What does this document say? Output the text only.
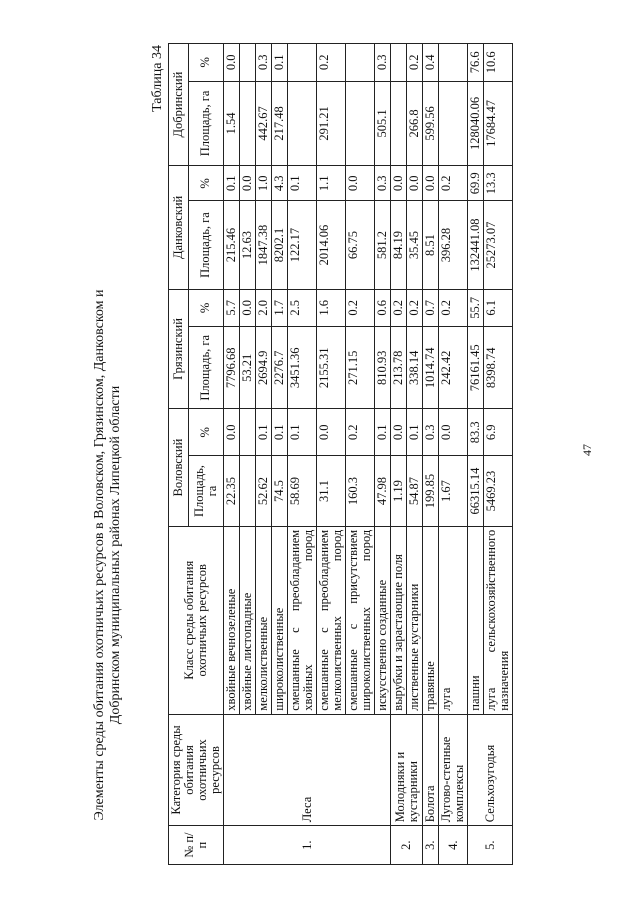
Элементы среды обитания охотничьих ресурсов в Воловском, Грязинском, Данковском и Добринском муниципальных районах Липецкой области
Таблица 34
№ п/п	Категория среды обитания охотничьих ресурсов	Класс среды обитания охотничьих ресурсов	Воловский		Грязинский		Данковский		Добринский	
			Площадь, га	%	Площадь, га	%	Площадь, га	%	Площадь, га	%
1.	Леса	хвойные вечнозеленые	22.35	0.0	7796.68	5.7	215.46	0.1	1.54	0.0
		хвойные листопадные			53.21	0.0	12.63	0.0		
		мелколиственные	52.62	0.1	2694.9	2.0	1847.38	1.0	442.67	0.3
		широколиственные	74.5	0.1	2276.7	1.7	8202.1	4.3	217.48	0.1
		смешанные с преобладанием хвойных пород	58.69	0.1	3451.36	2.5	122.17	0.1		
		смешанные с преобладанием мелколиственных пород	31.1	0.0	2155.31	1.6	2014.06	1.1	291.21	0.2
		смешанные с присутствием широколиственных пород	160.3	0.2	271.15	0.2	66.75	0.0		
		искусственно созданные	47.98	0.1	810.93	0.6	581.2	0.3	505.1	0.3
2.	Молодняки и кустарники	вырубки и зарастающие поля	1.19	0.0	213.78	0.2	84.19	0.0		
		лиственные кустарники	54.87	0.1	338.14	0.2	35.45	0.0	266.8	0.2
3.	Болота	травяные	199.85	0.3	1014.74	0.7	8.51	0.0	599.56	0.4
4.	Лугово-степные комплексы	луга	1.67	0.0	242.42	0.2	396.28	0.2		
5.	Сельхозугодья	пашни	66315.14	83.3	76161.45	55.7	132441.08	69.9	128040.06	76.6
		луга сельскохозяйственного назначения	5469.23	6.9	8398.74	6.1	25273.07	13.3	17684.47	10.6
47
